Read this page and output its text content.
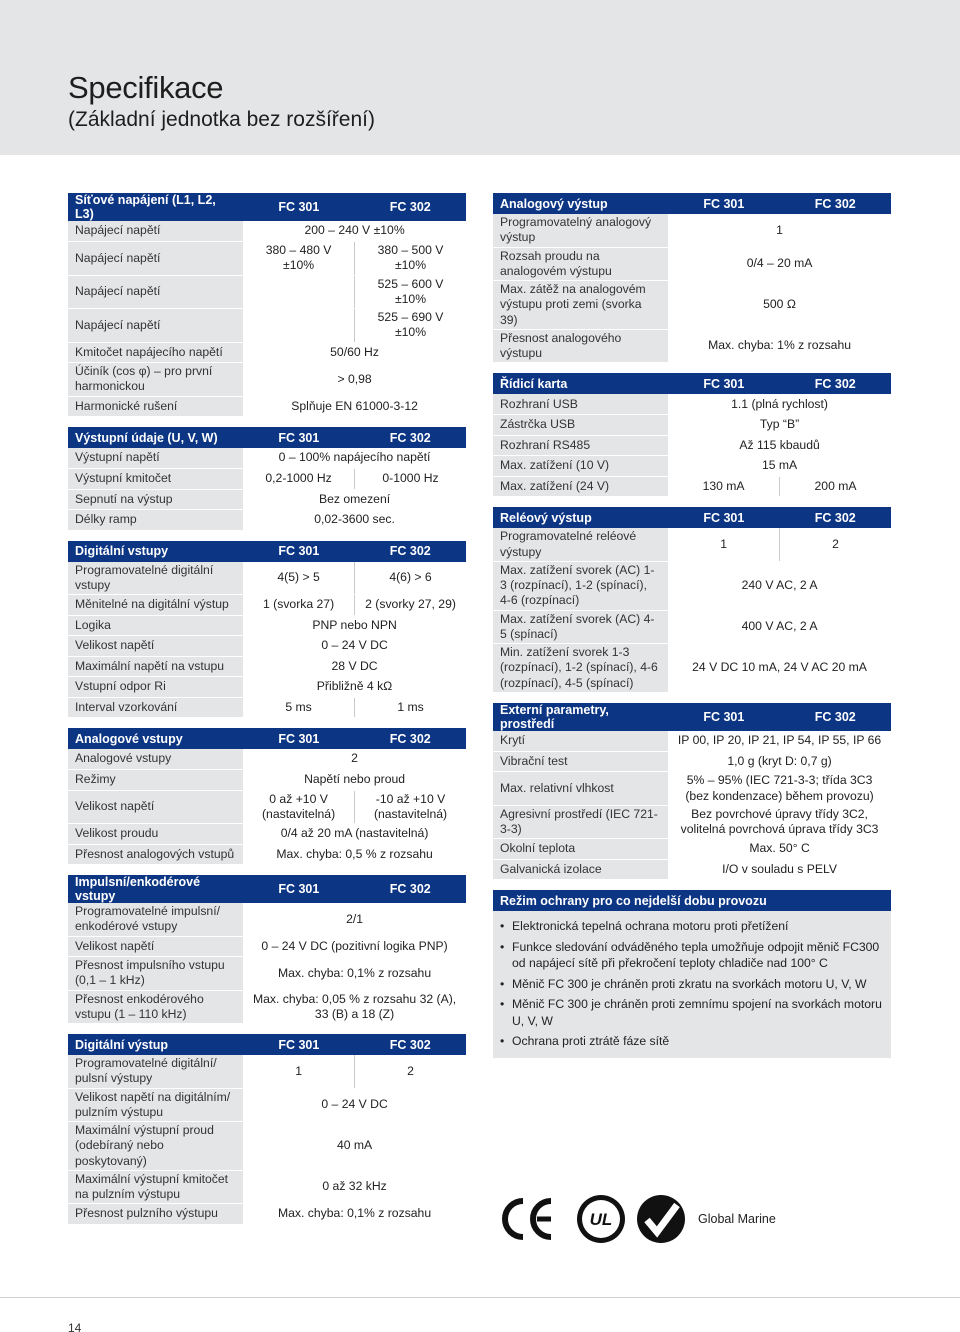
Specifikace
(Základní jednotka bez rozšíření)
Síťové napájení (L1, L2, L3)	FC 301	FC 302
Napájecí napětí	200 – 240 V ±10%	
Napájecí napětí	380 – 480 V ±10%	380 – 500 V ±10%
Napájecí napětí		525 – 600 V ±10%
Napájecí napětí		525 – 690 V ±10%
Kmitočet napájecího napětí	50/60 Hz	
Účiník (cos φ) – pro první harmonickou	> 0,98	
Harmonické rušení	Splňuje EN 61000-3-12	
Výstupní údaje (U, V, W)	FC 301	FC 302
Výstupní napětí	0 – 100% napájecího napětí	
Výstupní kmitočet	0,2-1000 Hz	0-1000 Hz
Sepnutí na výstup	Bez omezení	
Délky ramp	0,02-3600 sec.	
Digitální vstupy	FC 301	FC 302
Programovatelné digitální vstupy	4(5) > 5	4(6) > 6
Měnitelné na digitální výstup	1 (svorka 27)	2 (svorky 27, 29)
Logika	PNP nebo NPN	
Velikost napětí	0 – 24 V DC	
Maximální napětí na vstupu	28 V DC	
Vstupní odpor Ri	Přibližně 4 kΩ	
Interval vzorkování	5 ms	1 ms
Analogové vstupy	FC 301	FC 302
Analogové vstupy	2	
Režimy	Napětí nebo proud	
Velikost napětí	0 až +10 V (nastavitelná)	-10 až +10 V (nastavitelná)
Velikost proudu	0/4 až 20 mA (nastavitelná)	
Přesnost analogových vstupů	Max. chyba: 0,5 % z rozsahu	
Impulsní/enkodérové vstupy	FC 301	FC 302
Programovatelné impulsní/ enkodérové vstupy	2/1	
Velikost napětí	0 – 24 V DC (pozitivní logika PNP)	
Přesnost impulsního vstupu (0,1 – 1 kHz)	Max. chyba: 0,1% z rozsahu	
Přesnost enkodérového vstupu (1 – 110 kHz)	Max. chyba: 0,05 % z rozsahu 32 (A), 33 (B) a 18 (Z)	
Digitální výstup	FC 301	FC 302
Programovatelné digitální/ pulsní výstupy	1	2
Velikost napětí na digitálním/ pulzním výstupu	0 – 24 V DC	
Maximální výstupní proud (odebíraný nebo poskytovaný)	40 mA	
Maximální výstupní kmitočet na pulzním výstupu	0 až 32 kHz	
Přesnost pulzního výstupu	Max. chyba: 0,1% z rozsahu	
Analogový výstup	FC 301	FC 302
Programovatelný analogový výstup	1	
Rozsah proudu na analogovém výstupu	0/4 – 20 mA	
Max. zátěž na analogovém výstupu proti zemi (svorka 39)	500 Ω	
Přesnost analogového výstupu	Max. chyba: 1% z rozsahu	
Řídicí karta	FC 301	FC 302
Rozhraní USB	1.1 (plná rychlost)	
Zástrčka USB	Typ “B”	
Rozhraní RS485	Až 115 kbaudů	
Max. zatížení (10 V)	15 mA	
Max. zatížení (24 V)	130 mA	200 mA
Reléový výstup	FC 301	FC 302
Programovatelné reléové výstupy	1	2
Max. zatížení svorek (AC) 1-3 (rozpínací), 1-2 (spínací), 4-6 (rozpínací)	240 V AC, 2 A	
Max. zatížení svorek (AC) 4-5 (spínací)	400 V AC, 2 A	
Min. zatížení svorek 1-3 (rozpínací), 1-2 (spínací), 4-6 (rozpínací), 4-5 (spínací)	24 V DC 10 mA, 24 V AC 20 mA	
Externí parametry, prostředí	FC 301	FC 302
Krytí	IP 00, IP 20, IP 21, IP 54, IP 55, IP 66	
Vibrační test	1,0 g (kryt D: 0,7 g)	
Max. relativní vlhkost	5% – 95% (IEC 721-3-3; třída 3C3 (bez kondenzace) během provozu)	
Agresivní prostředí (IEC 721-3-3)	Bez povrchové úpravy třídy 3C2, volitelná povrchová úprava třídy 3C3	
Okolní teplota	Max. 50° C	
Galvanická izolace	I/O v souladu s PELV	
Režim ochrany pro co nejdelší dobu provozu
• Elektronická tepelná ochrana motoru proti přetížení
• Funkce sledování odváděného tepla umožňuje odpojit měnič FC300 od napájecí sítě při překročení teploty chladiče nad 100° C
• Měnič FC 300 je chráněn proti zkratu na svorkách motoru U, V, W
• Měnič FC 300 je chráněn proti zemnímu spojení na svorkách motoru U, V, W
• Ochrana proti ztrátě fáze sítě
UL	Global Marine
14
